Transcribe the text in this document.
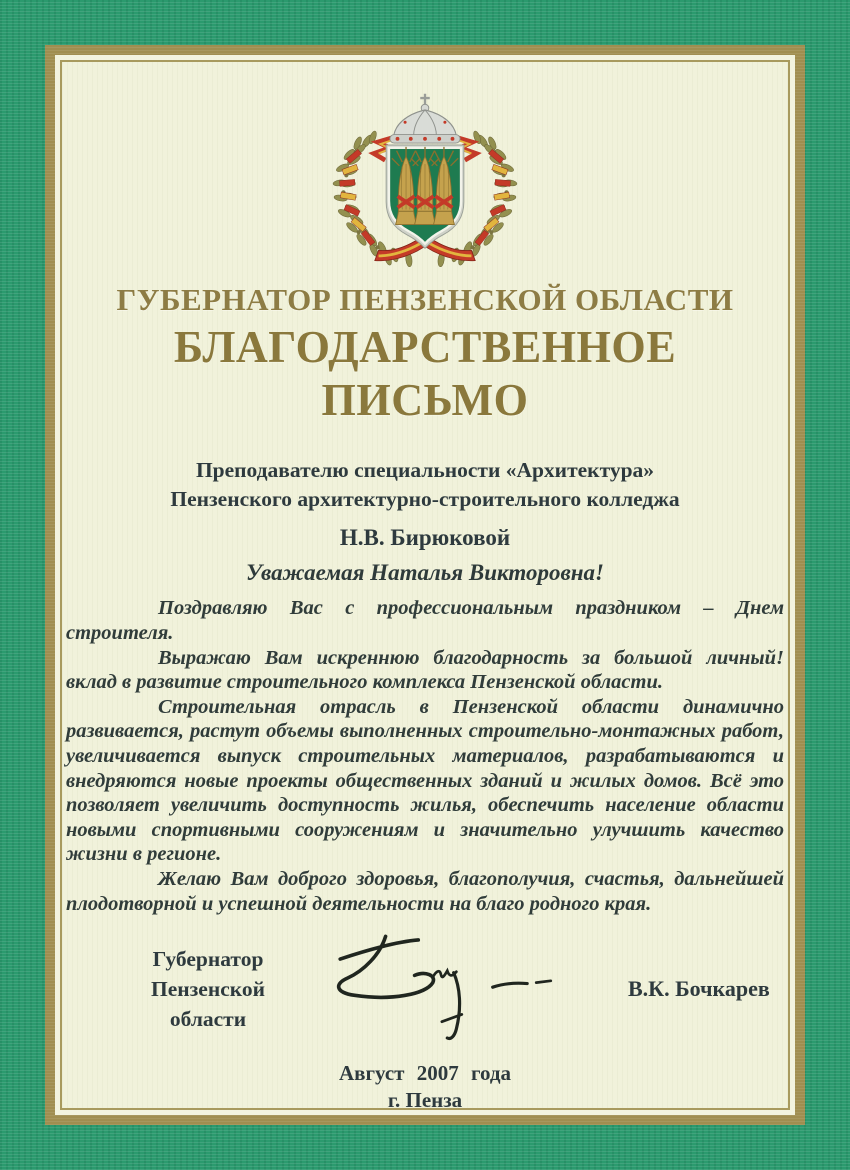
ГУБЕРНАТОР ПЕНЗЕНСКОЙ ОБЛАСТИ
БЛАГОДАРСТВЕННОЕ ПИСЬМО
Преподавателю специальности «Архитектура»
Пензенского архитектурно-строительного колледжа
Н.В. Бирюковой
Уважаемая Наталья Викторовна!

Поздравляю Вас с профессиональным праздником – Днем строителя.

Выражаю Вам искреннюю благодарность за большой личный! вклад в развитие строительного комплекса Пензенской области.

Строительная отрасль в Пензенской области динамично развивается, растут объемы выполненных строительно-монтажных работ, увеличивается выпуск строительных материалов, разрабатываются и внедряются новые проекты общественных зданий и жилых домов. Всё это позволяет увеличить доступность жилья, обеспечить население области новыми спортивными сооружениям и значительно улучшить качество жизни в регионе.

Желаю Вам доброго здоровья, благополучия, счастья, дальнейшей плодотворной и успешной деятельности на благо родного края.

Губернатор
Пензенской области
В.К. Бочкарев
Август 2007 года
г. Пенза
